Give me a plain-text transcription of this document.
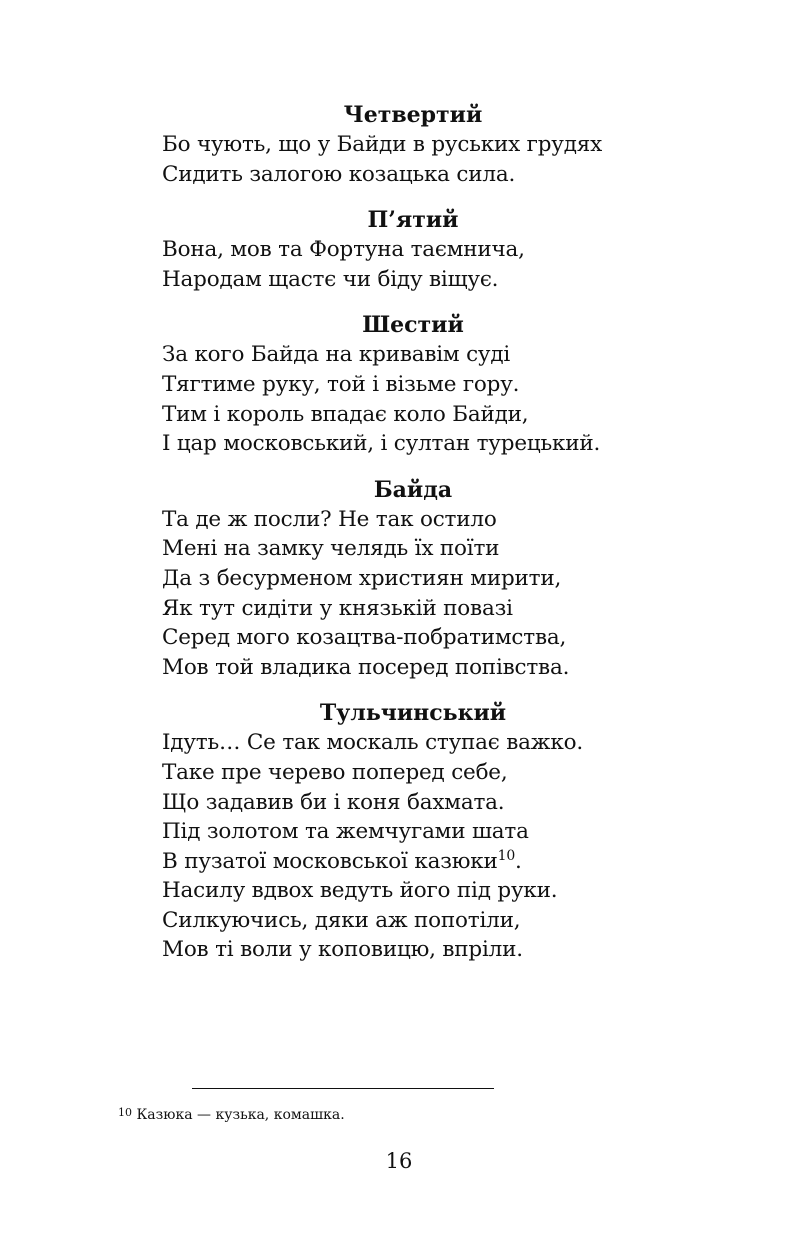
Четвертий
Бо чують, що у Байди в руських грудях
Сидить залогою козацька сила.
П’ятий
Вона, мов та Фортуна таємнича,
Народам щастє чи біду віщує.
Шестий
За кого Байда на кривавім суді
Тягтиме руку, той і візьме гору.
Тим і король впадає коло Байди,
І цар московський, і султан турецький.
Байда
Та де ж посли? Не так остило
Мені на замку челядь їх поїти
Да з бесурменом християн мирити,
Як тут сидіти у князькій повазі
Серед мого козацтва-побратимства,
Мов той владика посеред попівства.
Тульчинський
Ідуть… Се так москаль ступає важко.
Таке пре черево поперед себе,
Що задавив би і коня бахмата.
Під золотом та жемчугами шата
В пузатої московської казюки$^{10}$.
Насилу вдвох ведуть його під руки.
Силкуючись, дяки аж попотіли,
Мов ті воли у коповицю, впріли.
$^{10}$ Казюка — кузька, комашка.
16
